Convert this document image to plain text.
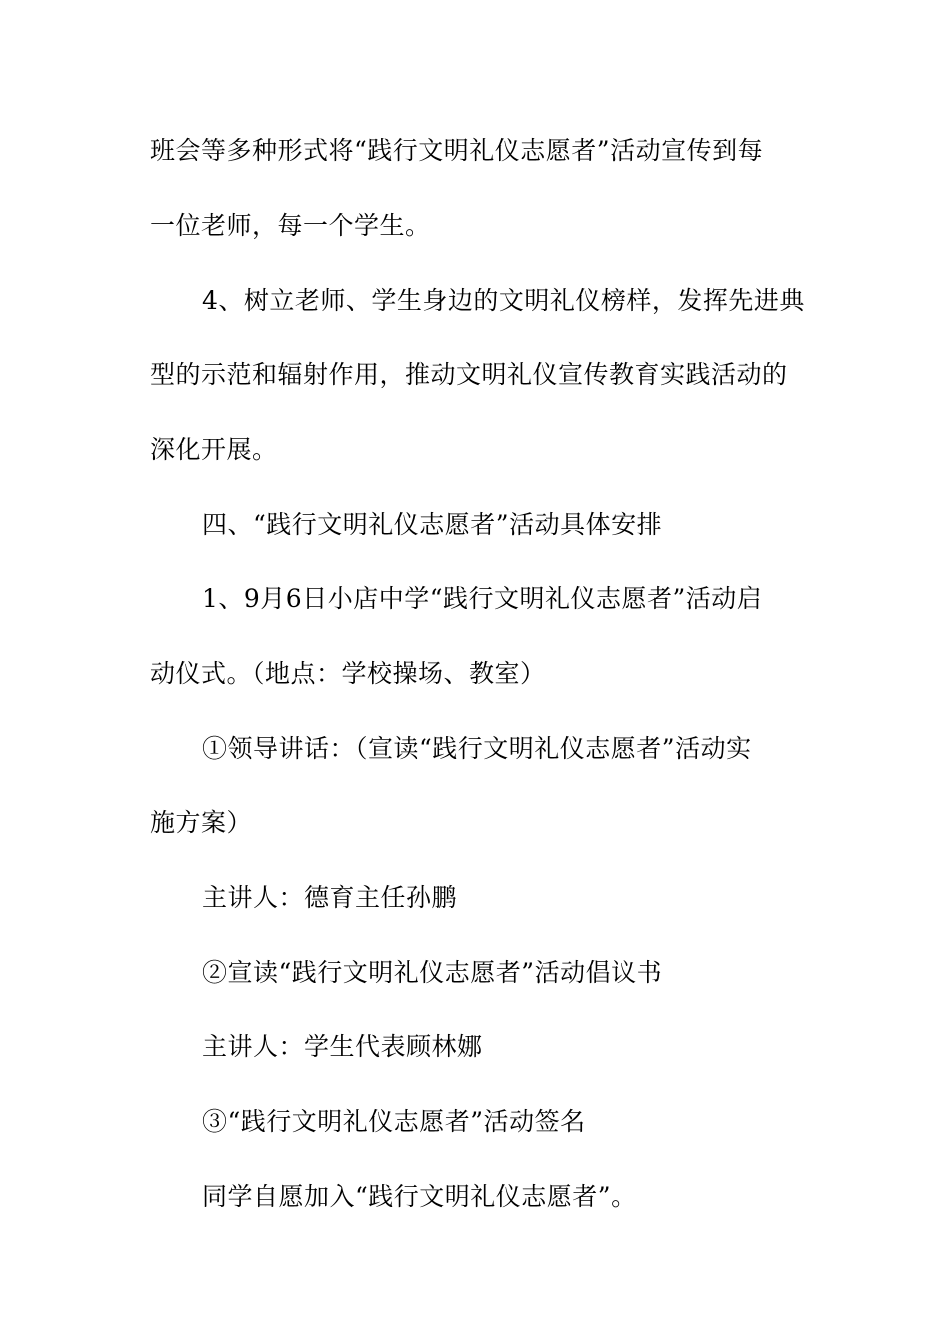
班会等多种形式将“践行文明礼仪志愿者”活动宣传到每
一位老师，每一个学生。
4、树立老师、学生身边的文明礼仪榜样，发挥先进典
型的示范和辐射作用，推动文明礼仪宣传教育实践活动的
深化开展。
四、“践行文明礼仪志愿者”活动具体安排
1、9月6日小店中学“践行文明礼仪志愿者”活动启
动仪式。（地点：学校操场、教室）
①领导讲话：（宣读“践行文明礼仪志愿者”活动实
施方案）
主讲人：德育主任孙鹏
②宣读“践行文明礼仪志愿者”活动倡议书
主讲人：学生代表顾林娜
③“践行文明礼仪志愿者”活动签名
同学自愿加入“践行文明礼仪志愿者”。
